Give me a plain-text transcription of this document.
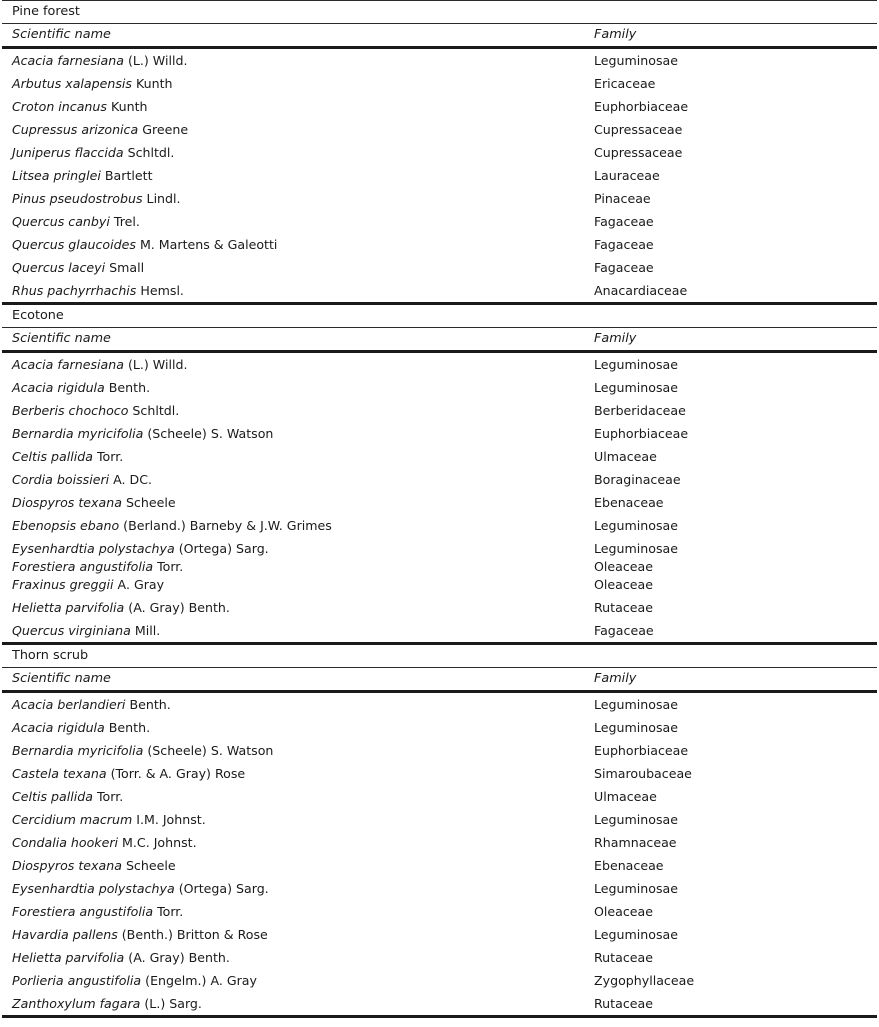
Pine forest	
Scientific name	Family
Acacia farnesiana (L.) Willd.	Leguminosae
Arbutus xalapensis Kunth	Ericaceae
Croton incanus Kunth	Euphorbiaceae
Cupressus arizonica Greene	Cupressaceae
Juniperus flaccida Schltdl.	Cupressaceae
Litsea pringlei Bartlett	Lauraceae
Pinus pseudostrobus Lindl.	Pinaceae
Quercus canbyi Trel.	Fagaceae
Quercus glaucoides M. Martens & Galeotti	Fagaceae
Quercus laceyi Small	Fagaceae
Rhus pachyrrhachis Hemsl.	Anacardiaceae
Ecotone	
Scientific name	Family
Acacia farnesiana (L.) Willd.	Leguminosae
Acacia rigidula Benth.	Leguminosae
Berberis chochoco Schltdl.	Berberidaceae
Bernardia myricifolia (Scheele) S. Watson	Euphorbiaceae
Celtis pallida Torr.	Ulmaceae
Cordia boissieri A. DC.	Boraginaceae
Diospyros texana Scheele	Ebenaceae
Ebenopsis ebano (Berland.) Barneby & J.W. Grimes	Leguminosae
Eysenhardtia polystachya (Ortega) Sarg.	Leguminosae
Forestiera angustifolia Torr.	Oleaceae
Fraxinus greggii A. Gray	Oleaceae
Helietta parvifolia (A. Gray) Benth.	Rutaceae
Quercus virginiana Mill.	Fagaceae
Thorn scrub	
Scientific name	Family
Acacia berlandieri Benth.	Leguminosae
Acacia rigidula Benth.	Leguminosae
Bernardia myricifolia (Scheele) S. Watson	Euphorbiaceae
Castela texana (Torr. & A. Gray) Rose	Simaroubaceae
Celtis pallida Torr.	Ulmaceae
Cercidium macrum I.M. Johnst.	Leguminosae
Condalia hookeri M.C. Johnst.	Rhamnaceae
Diospyros texana Scheele	Ebenaceae
Eysenhardtia polystachya (Ortega) Sarg.	Leguminosae
Forestiera angustifolia Torr.	Oleaceae
Havardia pallens (Benth.) Britton & Rose	Leguminosae
Helietta parvifolia (A. Gray) Benth.	Rutaceae
Porlieria angustifolia (Engelm.) A. Gray	Zygophyllaceae
Zanthoxylum fagara (L.) Sarg.	Rutaceae
